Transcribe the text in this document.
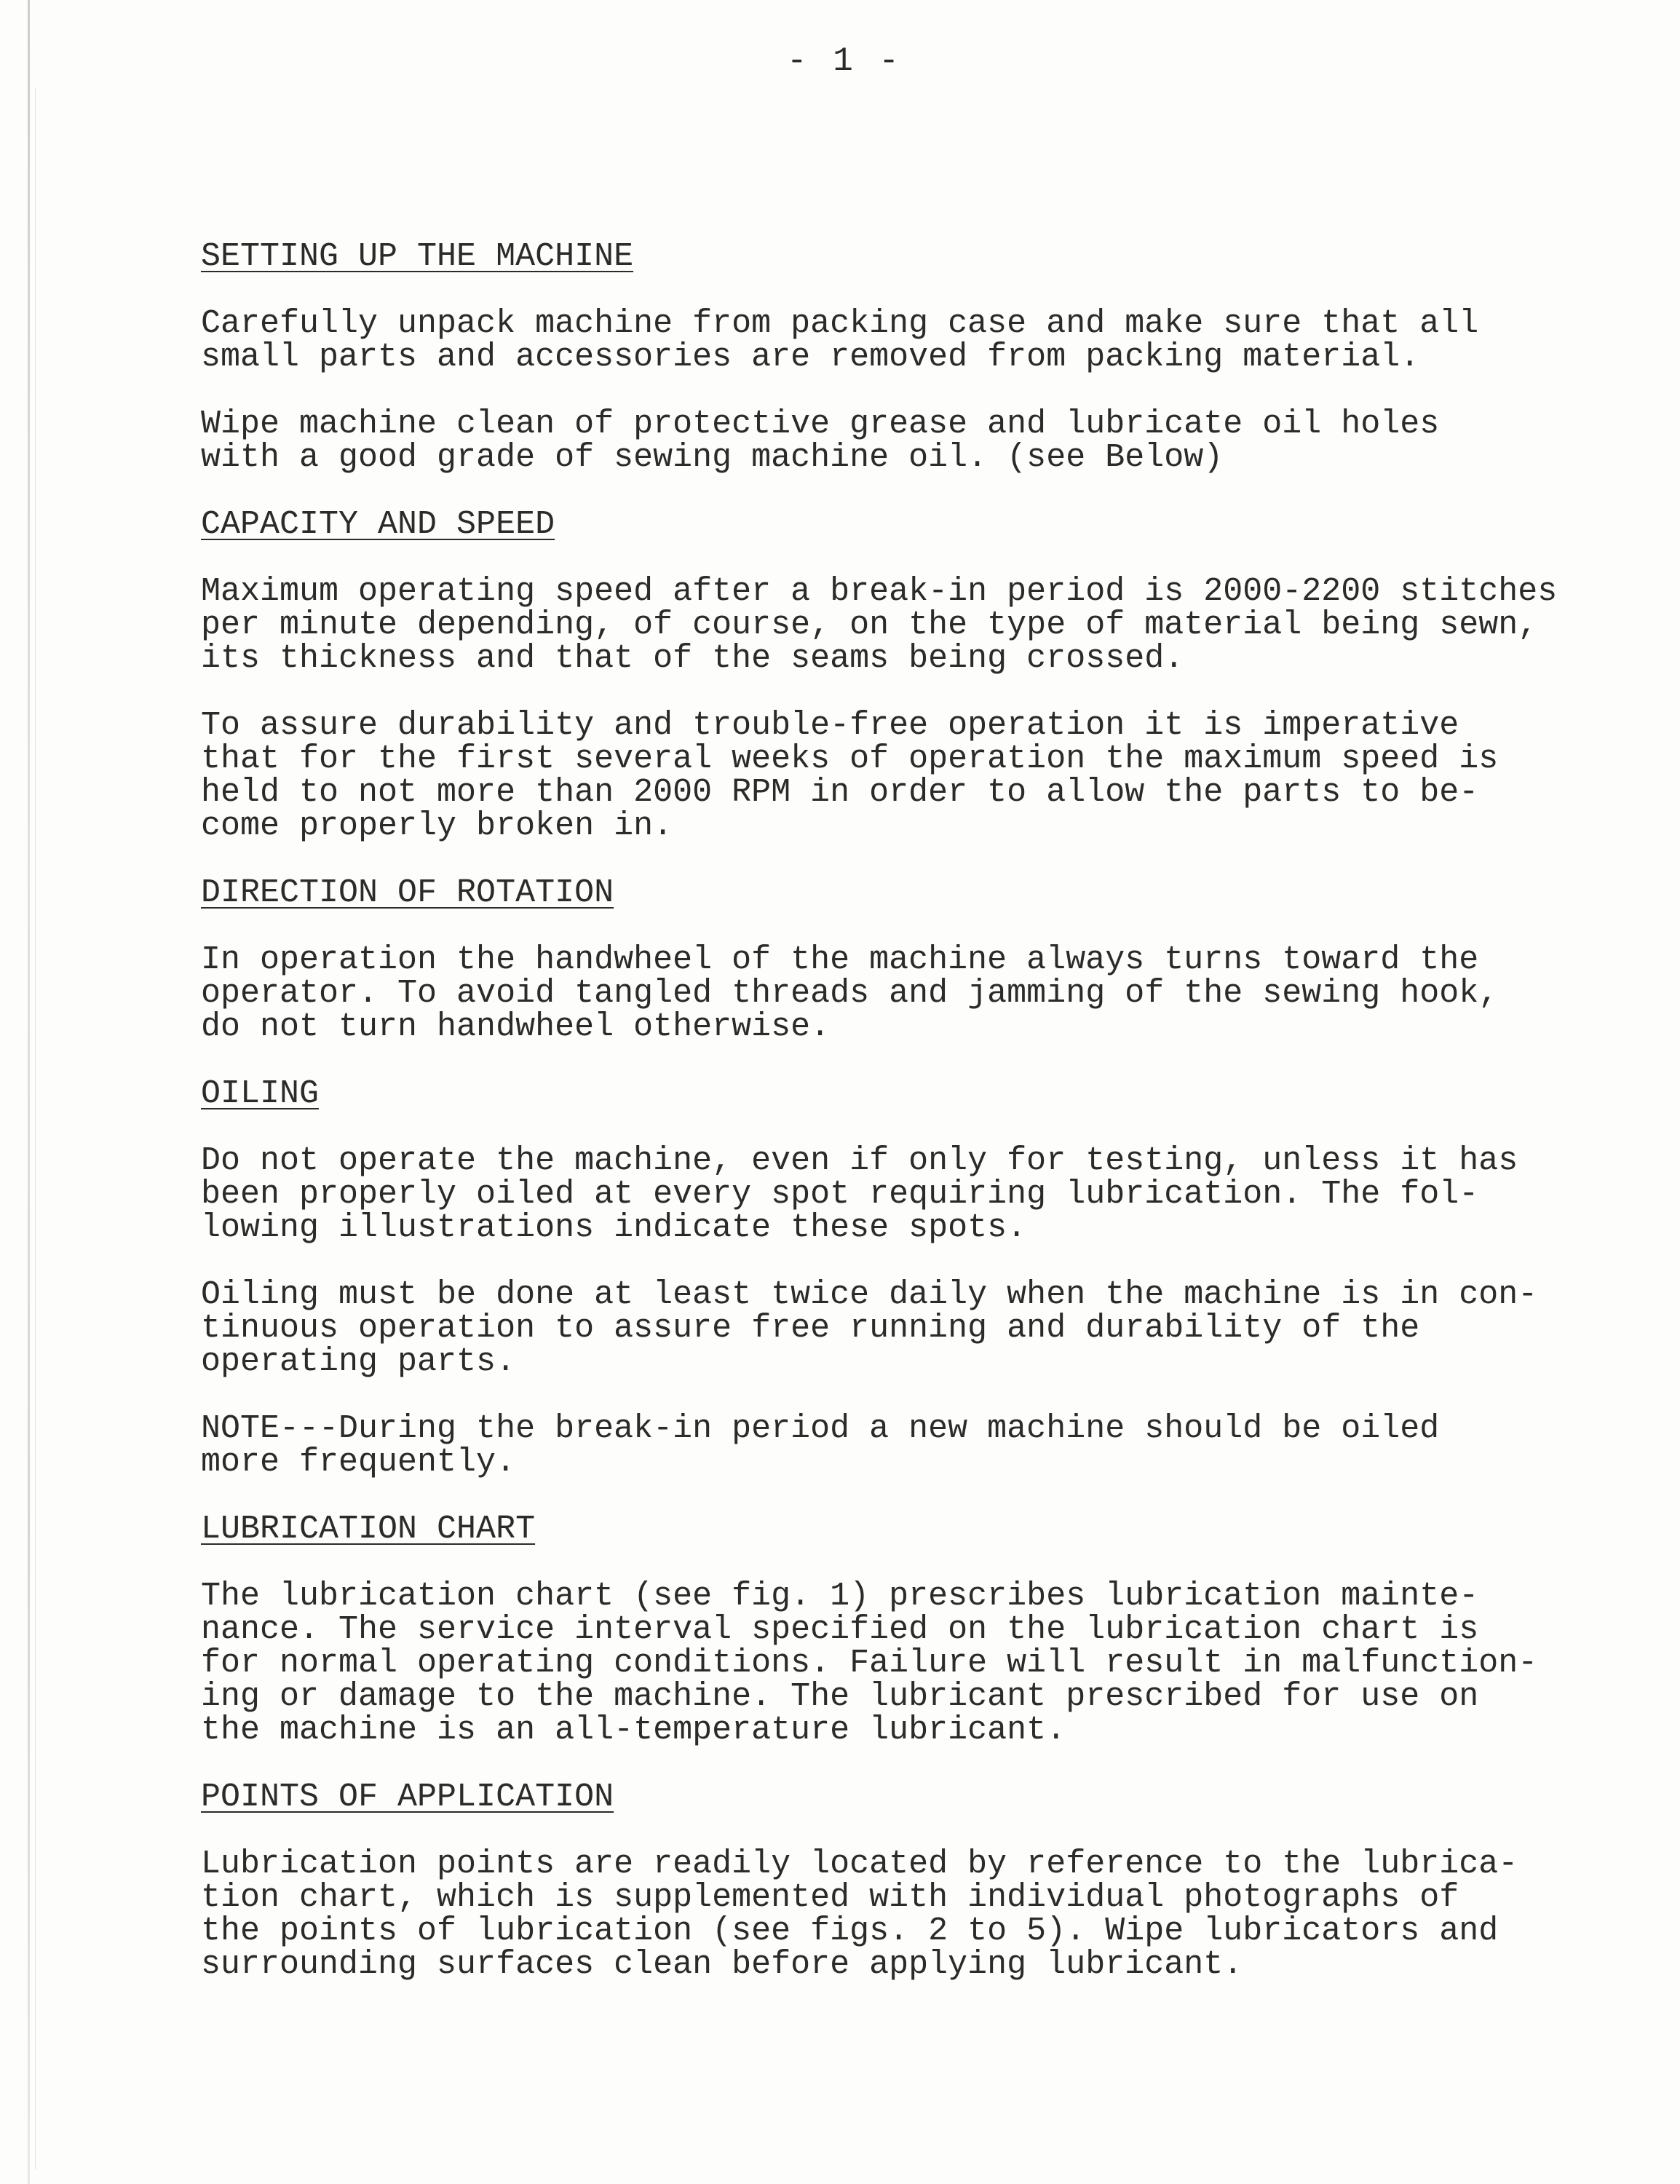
- 1 -
SETTING UP THE MACHINE

Carefully unpack machine from packing case and make sure that all
small parts and accessories are removed from packing material.

Wipe machine clean of protective grease and lubricate oil holes
with a good grade of sewing machine oil. (see Below)

CAPACITY AND SPEED

Maximum operating speed after a break-in period is 2000-2200 stitches
per minute depending, of course, on the type of material being sewn,
its thickness and that of the seams being crossed.

To assure durability and trouble-free operation it is imperative
that for the first several weeks of operation the maximum speed is
held to not more than 2000 RPM in order to allow the parts to be-
come properly broken in.

DIRECTION OF ROTATION

In operation the handwheel of the machine always turns toward the
operator. To avoid tangled threads and jamming of the sewing hook,
do not turn handwheel otherwise.

OILING

Do not operate the machine, even if only for testing, unless it has
been properly oiled at every spot requiring lubrication. The fol-
lowing illustrations indicate these spots.

Oiling must be done at least twice daily when the machine is in con-
tinuous operation to assure free running and durability of the
operating parts.

NOTE---During the break-in period a new machine should be oiled
more frequently.

LUBRICATION CHART

The lubrication chart (see fig. 1) prescribes lubrication mainte-
nance. The service interval specified on the lubrication chart is
for normal operating conditions. Failure will result in malfunction-
ing or damage to the machine. The lubricant prescribed for use on
the machine is an all-temperature lubricant.

POINTS OF APPLICATION

Lubrication points are readily located by reference to the lubrica-
tion chart, which is supplemented with individual photographs of
the points of lubrication (see figs. 2 to 5). Wipe lubricators and
surrounding surfaces clean before applying lubricant.
